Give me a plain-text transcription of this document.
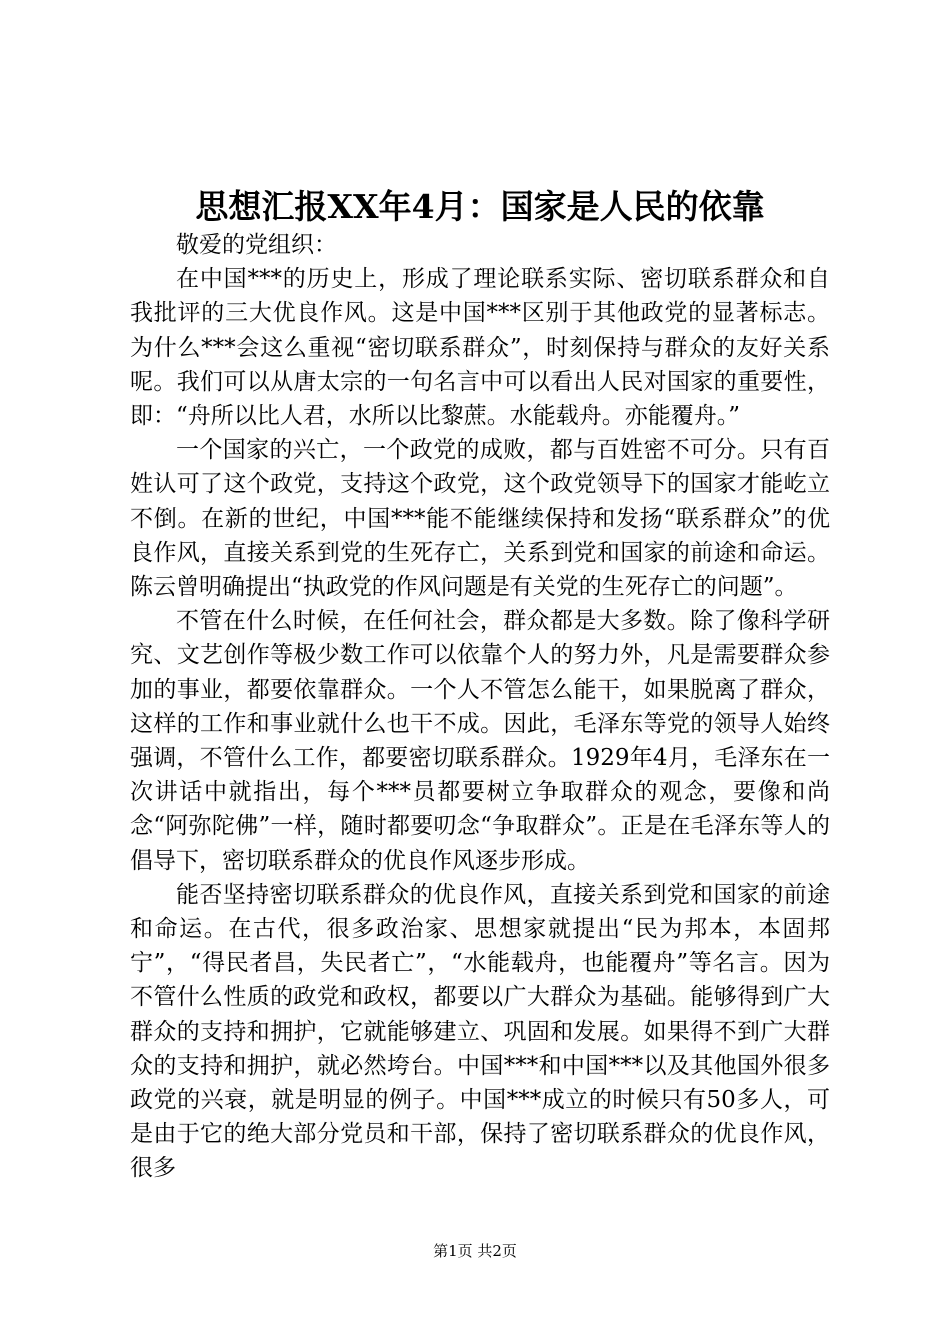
思想汇报XX年4月：国家是人民的依靠

敬爱的党组织：

在中国***的历史上，形成了理论联系实际、密切联系群众和自我批评的三大优良作风。这是中国***区别于其他政党的显著标志。为什么***会这么重视“密切联系群众”，时刻保持与群众的友好关系呢。我们可以从唐太宗的一句名言中可以看出人民对国家的重要性，即：“舟所以比人君，水所以比黎蔗。水能载舟。亦能覆舟。”

一个国家的兴亡，一个政党的成败，都与百姓密不可分。只有百姓认可了这个政党，支持这个政党，这个政党领导下的国家才能屹立不倒。在新的世纪，中国***能不能继续保持和发扬“联系群众”的优良作风，直接关系到党的生死存亡，关系到党和国家的前途和命运。陈云曾明确提出“执政党的作风问题是有关党的生死存亡的问题”。

不管在什么时候，在任何社会，群众都是大多数。除了像科学研究、文艺创作等极少数工作可以依靠个人的努力外，凡是需要群众参加的事业，都要依靠群众。一个人不管怎么能干，如果脱离了群众，这样的工作和事业就什么也干不成。因此，毛泽东等党的领导人始终强调，不管什么工作，都要密切联系群众。1929年4月，毛泽东在一次讲话中就指出，每个***员都要树立争取群众的观念，要像和尚念“阿弥陀佛”一样，随时都要叨念“争取群众”。正是在毛泽东等人的倡导下，密切联系群众的优良作风逐步形成。

能否坚持密切联系群众的优良作风，直接关系到党和国家的前途和命运。在古代，很多政治家、思想家就提出“民为邦本，本固邦宁”，“得民者昌，失民者亡”，“水能载舟，也能覆舟”等名言。因为不管什么性质的政党和政权，都要以广大群众为基础。能够得到广大群众的支持和拥护，它就能够建立、巩固和发展。如果得不到广大群众的支持和拥护，就必然垮台。中国***和中国***以及其他国外很多政党的兴衰，就是明显的例子。中国***成立的时候只有50多人，可是由于它的绝大部分党员和干部，保持了密切联系群众的优良作风，很多

第1页 共2页
